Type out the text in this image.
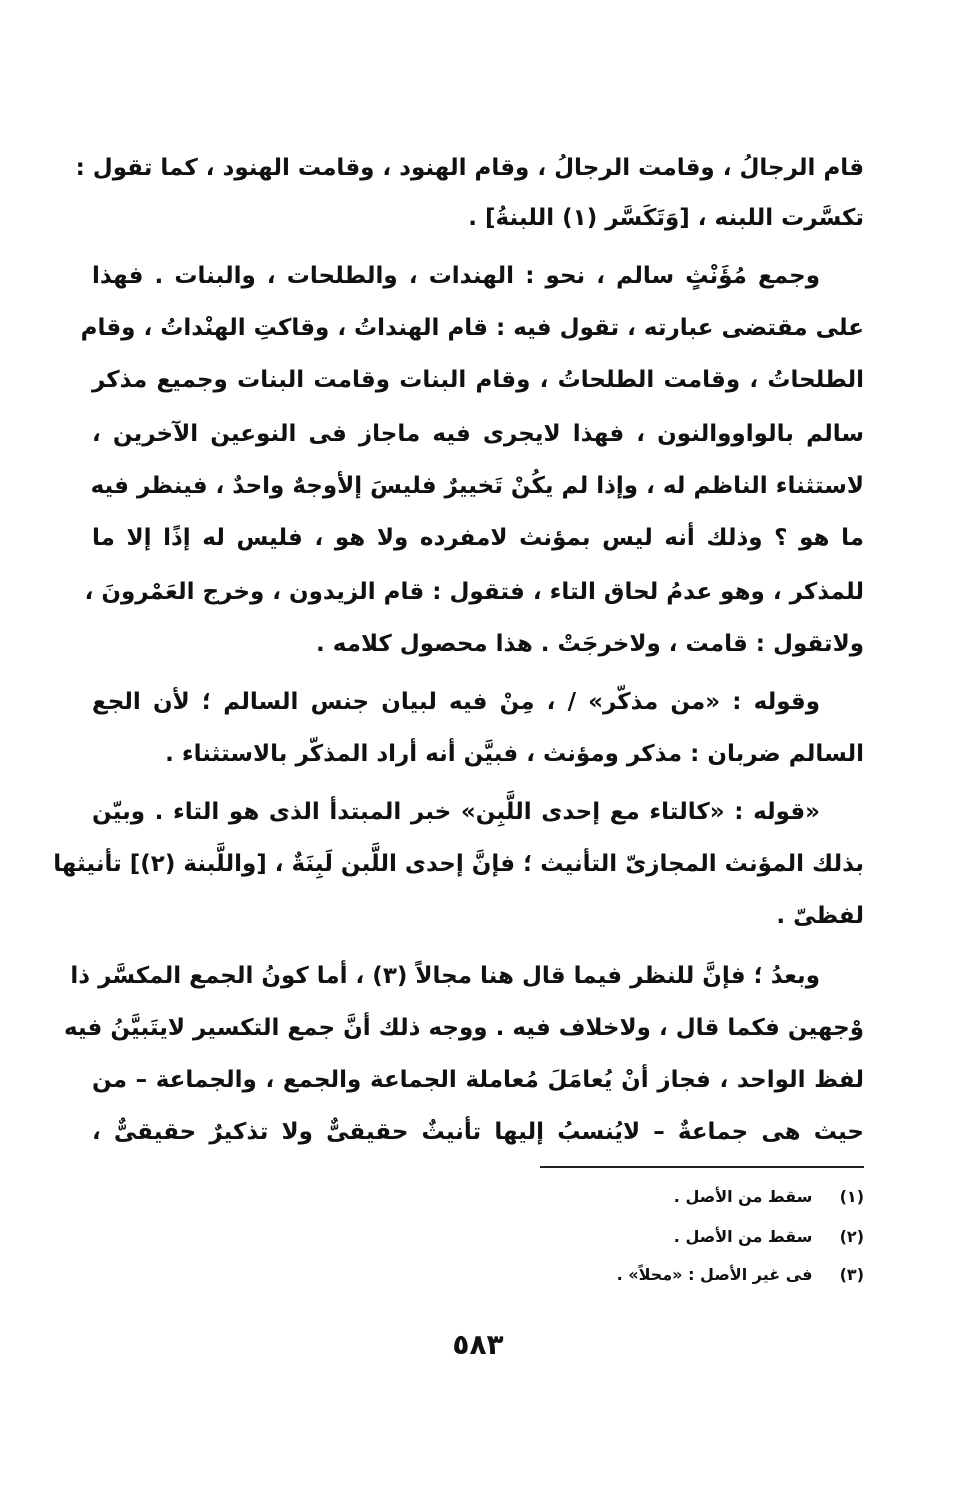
قام الرجالُ ، وقامت الرجالُ ، وقام الهنود ، وقامت الهنود ، كما تقول :
تكسَّرت اللبنه ، [وَتَكَسَّر (١) اللبنةُ] .
وجمع مُؤَنْثٍ سالم ، نحو : الهندات ، والطلحات ، والبنات . فهذا
على مقتضى عبارته ، تقول فيه : قام الهنداتُ ، وقاكتِ الهنْداتُ ، وقام
الطلحاتُ ، وقامت الطلحاتُ ، وقام البنات وقامت البنات وجميع مذكر
سالم بالواووالنون ، فهذا لايجرى فيه ماجاز فى النوعين الآخرين ،
لاستثناء الناظم له ، وإذا لم يكُنْ تَخييرٌ فليسَ إلأوجهٌ واحدٌ ، فينظر فيه
ما هو ؟ وذلك أنه ليس بمؤنث لامفرده ولا هو ، فليس له إذًا إلا ما
للمذكر ، وهو عدمُ لحاق التاء ، فتقول : قام الزيدون ، وخرج العَمْرونَ ،
ولاتقول : قامت ، ولاخرجَتْ . هذا محصول كلامه .
وقوله : «من مذكّر» / ، مِنْ فيه لبيان جنس السالم ؛ لأن الجع
السالم ضربان : مذكر ومؤنث ، فبيَّن أنه أراد المذكّر بالاستثناء .
«قوله : «كالتاء مع إحدى اللَّبِن» خبر المبتدأ الذى هو التاء . وبيّن
بذلك المؤنث المجازىّ التأنيث ؛ فإنَّ إحدى اللَّبن لَبِنَةٌ ، [واللَّبنة (٢)] تأنيثها
لفظىّ .
وبعدُ ؛ فإنَّ للنظر فيما قال هنا مجالاً (٣) ، أما كونُ الجمع المكسَّر ذا
وْجهين فكما قال ، ولاخلاف فيه . ووجه ذلك أنَّ جمع التكسير لايتَبيَّنُ فيه
لفظ الواحد ، فجاز أنْ يُعامَلَ مُعاملة الجماعة والجمع ، والجماعة – من
حيث هى جماعةٌ – لايُنسبُ إليها تأنيثٌ حقيقىٌّ ولا تذكيرٌ حقيقىٌّ ،
(١) سقط من الأصل .
(٢) سقط من الأصل .
(٣) فى غير الأصل : «محلاً» .
٥٨٣
